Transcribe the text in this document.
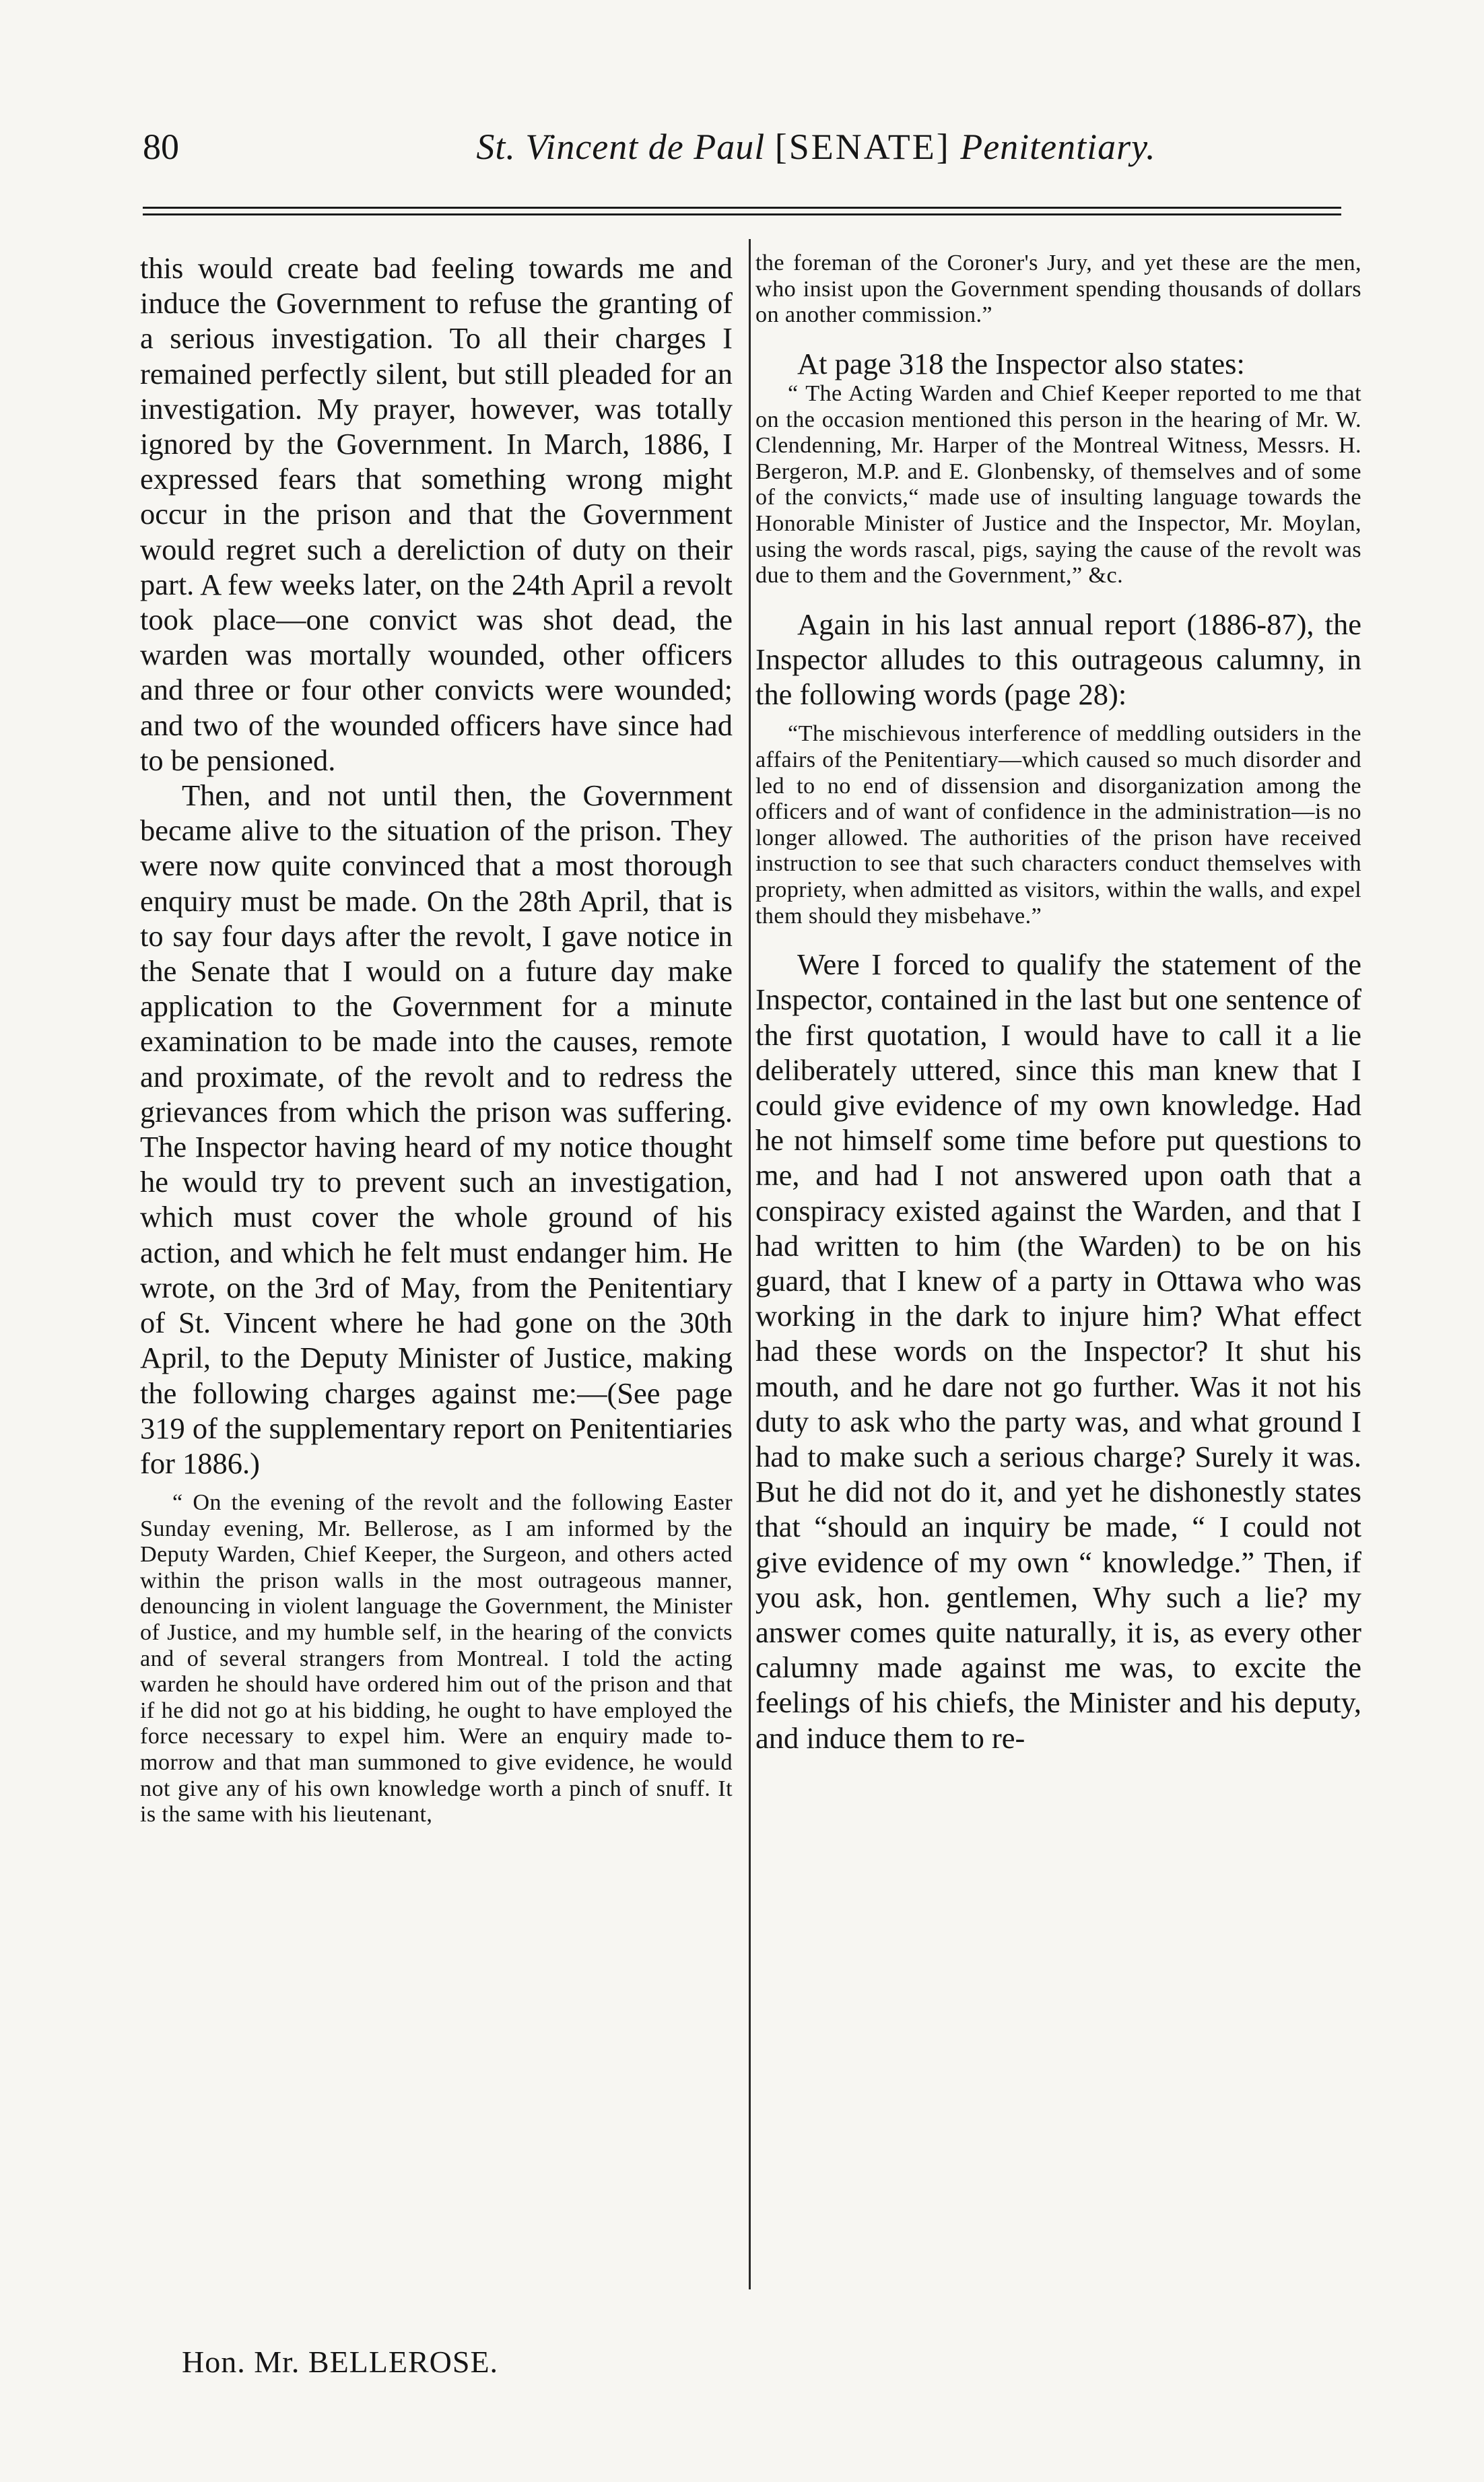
80	St. Vincent de Paul [SENATE] Penitentiary.

this would create bad feeling towards me and induce the Government to refuse the granting of a serious investigation. To all their charges I remained perfectly silent, but still pleaded for an investigation. My prayer, however, was totally ignored by the Government. In March, 1886, I expressed fears that something wrong might occur in the prison and that the Government would regret such a dereliction of duty on their part. A few weeks later, on the 24th April a revolt took place—one convict was shot dead, the warden was mortally wounded, other officers and three or four other convicts were wounded; and two of the wounded officers have since had to be pensioned.

Then, and not until then, the Government became alive to the situation of the prison. They were now quite convinced that a most thorough enquiry must be made. On the 28th April, that is to say four days after the revolt, I gave notice in the Senate that I would on a future day make application to the Government for a minute examination to be made into the causes, remote and proximate, of the revolt and to redress the grievances from which the prison was suffering. The Inspector having heard of my notice thought he would try to prevent such an investigation, which must cover the whole ground of his action, and which he felt must endanger him. He wrote, on the 3rd of May, from the Penitentiary of St. Vincent where he had gone on the 30th April, to the Deputy Minister of Justice, making the following charges against me:—(See page 319 of the supplementary report on Penitentiaries for 1886.)

“ On the evening of the revolt and the following Easter Sunday evening, Mr. Bellerose, as I am informed by the Deputy Warden, Chief Keeper, the Surgeon, and others acted within the prison walls in the most outrageous manner, denouncing in violent language the Government, the Minister of Justice, and my humble self, in the hearing of the convicts and of several strangers from Montreal. I told the acting warden he should have ordered him out of the prison and that if he did not go at his bidding, he ought to have employed the force necessary to expel him. Were an enquiry made to-morrow and that man summoned to give evidence, he would not give any of his own knowledge worth a pinch of snuff. It is the same with his lieutenant,

the foreman of the Coroner's Jury, and yet these are the men, who insist upon the Government spending thousands of dollars on another commission.”

At page 318 the Inspector also states:

“ The Acting Warden and Chief Keeper reported to me that on the occasion mentioned this person in the hearing of Mr. W. Clendenning, Mr. Harper of the Montreal Witness, Messrs. H. Bergeron, M.P. and E. Glonbensky, of themselves and of some of the convicts,“ made use of insulting language towards the Honorable Minister of Justice and the Inspector, Mr. Moylan, using the words rascal, pigs, saying the cause of the revolt was due to them and the Government,” &c.

Again in his last annual report (1886-87), the Inspector alludes to this outrageous calumny, in the following words (page 28):

“The mischievous interference of meddling outsiders in the affairs of the Penitentiary—which caused so much disorder and led to no end of dissension and disorganization among the officers and of want of confidence in the administration—is no longer allowed. The authorities of the prison have received instruction to see that such characters conduct themselves with propriety, when admitted as visitors, within the walls, and expel them should they misbehave.”

Were I forced to qualify the statement of the Inspector, contained in the last but one sentence of the first quotation, I would have to call it a lie deliberately uttered, since this man knew that I could give evidence of my own knowledge. Had he not himself some time before put questions to me, and had I not answered upon oath that a conspiracy existed against the Warden, and that I had written to him (the Warden) to be on his guard, that I knew of a party in Ottawa who was working in the dark to injure him? What effect had these words on the Inspector? It shut his mouth, and he dare not go further. Was it not his duty to ask who the party was, and what ground I had to make such a serious charge? Surely it was. But he did not do it, and yet he dishonestly states that “should an inquiry be made, “ I could not give evidence of my own “ knowledge.” Then, if you ask, hon. gentlemen, Why such a lie? my answer comes quite naturally, it is, as every other calumny made against me was, to excite the feelings of his chiefs, the Minister and his deputy, and induce them to re-

Hon. Mr. BELLEROSE.
